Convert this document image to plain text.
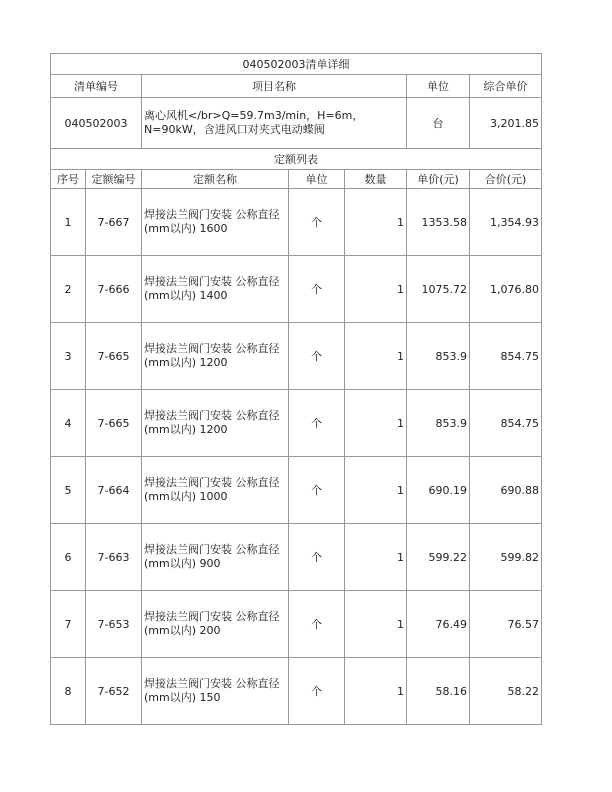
040502003清单详细						
清单编号		项目名称			单位	综合单价
040502003		离心风机</br>Q=59.7m3/min，H=6m，N=90kW，含进风口对夹式电动蝶阀			台	3,201.85
定额列表						
序号	定额编号	定额名称	单位	数量	单价(元)	合价(元)
1	7-667	焊接法兰阀门安装 公称直径(mm以内) 1600	个	1	1353.58	1,354.93
2	7-666	焊接法兰阀门安装 公称直径(mm以内) 1400	个	1	1075.72	1,076.80
3	7-665	焊接法兰阀门安装 公称直径(mm以内) 1200	个	1	853.9	854.75
4	7-665	焊接法兰阀门安装 公称直径(mm以内) 1200	个	1	853.9	854.75
5	7-664	焊接法兰阀门安装 公称直径(mm以内) 1000	个	1	690.19	690.88
6	7-663	焊接法兰阀门安装 公称直径(mm以内) 900	个	1	599.22	599.82
7	7-653	焊接法兰阀门安装 公称直径(mm以内) 200	个	1	76.49	76.57
8	7-652	焊接法兰阀门安装 公称直径(mm以内) 150	个	1	58.16	58.22
